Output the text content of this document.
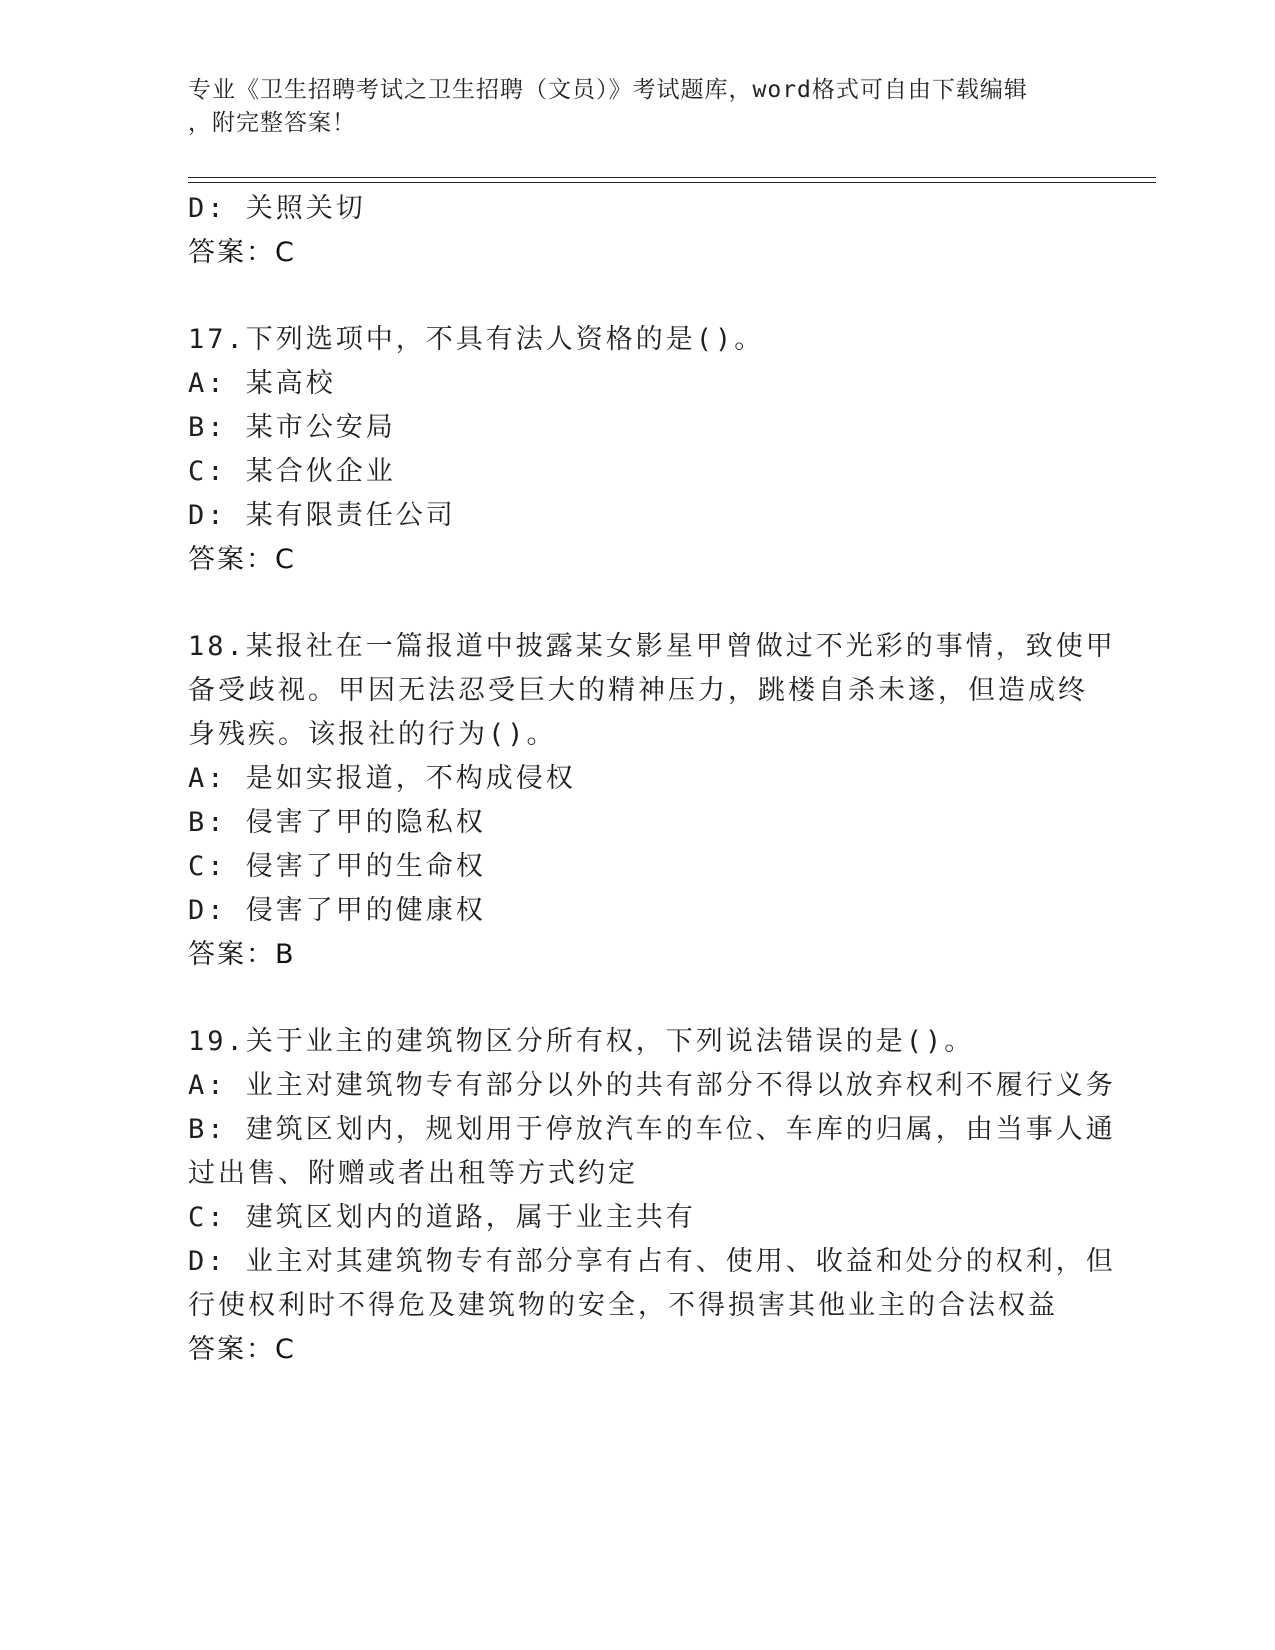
专业《卫生招聘考试之卫生招聘（文员）》考试题库，word格式可自由下载编辑
，附完整答案！
D: 关照关切
答案：C
17.下列选项中，不具有法人资格的是()。
A: 某高校
B: 某市公安局
C: 某合伙企业
D: 某有限责任公司
答案：C
18.某报社在一篇报道中披露某女影星甲曾做过不光彩的事情，致使甲
备受歧视。甲因无法忍受巨大的精神压力，跳楼自杀未遂，但造成终
身残疾。该报社的行为()。
A: 是如实报道，不构成侵权
B: 侵害了甲的隐私权
C: 侵害了甲的生命权
D: 侵害了甲的健康权
答案：B
19.关于业主的建筑物区分所有权，下列说法错误的是()。
A: 业主对建筑物专有部分以外的共有部分不得以放弃权利不履行义务
B: 建筑区划内，规划用于停放汽车的车位、车库的归属，由当事人通
过出售、附赠或者出租等方式约定
C: 建筑区划内的道路，属于业主共有
D: 业主对其建筑物专有部分享有占有、使用、收益和处分的权利，但
行使权利时不得危及建筑物的安全，不得损害其他业主的合法权益
答案：C
